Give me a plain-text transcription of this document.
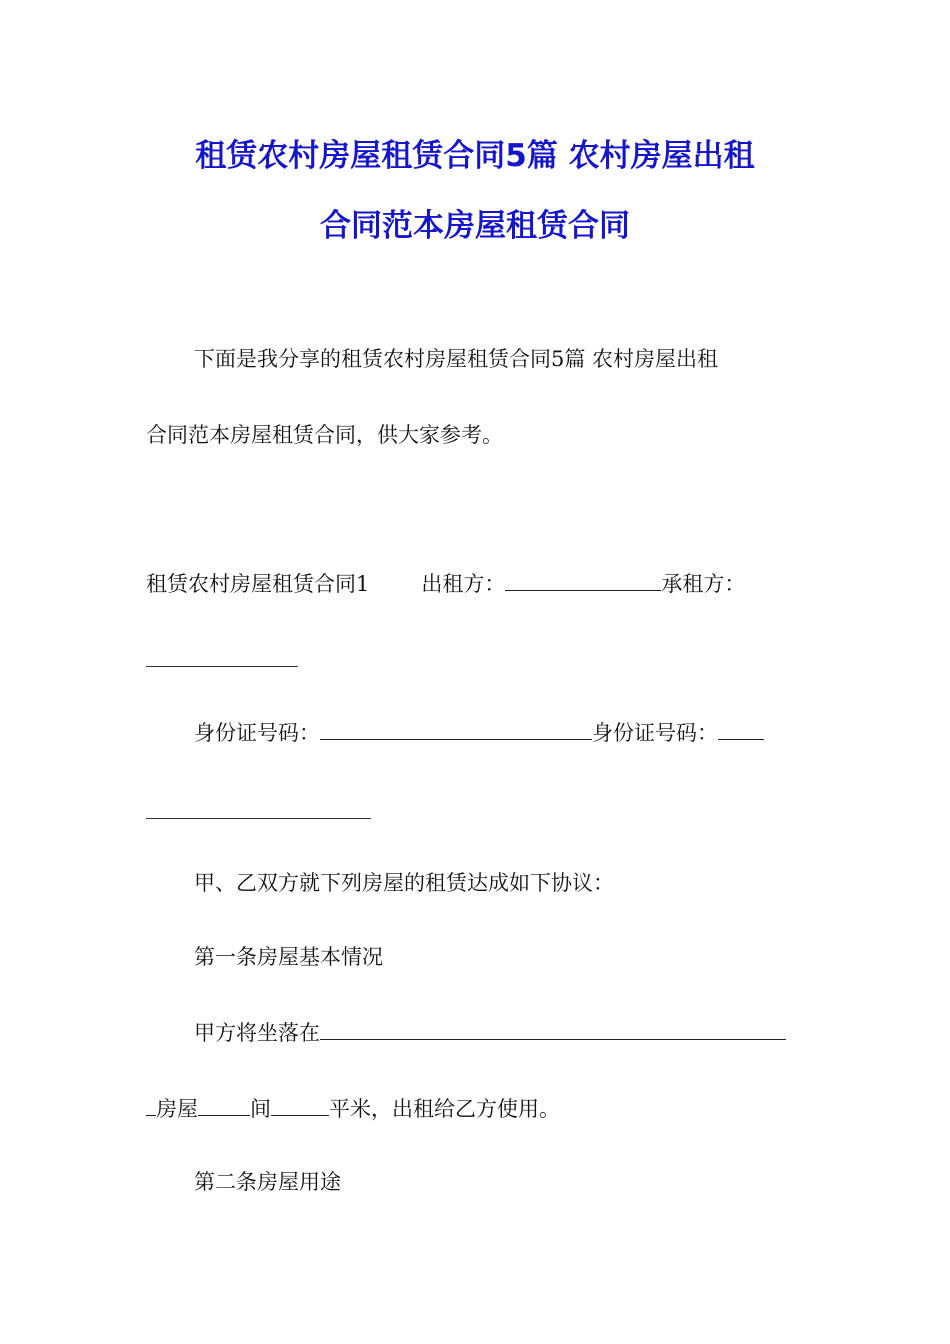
租赁农村房屋租赁合同5篇 农村房屋出租
合同范本房屋租赁合同
下面是我分享的租赁农村房屋租赁合同5篇 农村房屋出租
合同范本房屋租赁合同，供大家参考。
租赁农村房屋租赁合同1 出租方：	承租方：
身份证号码：	身份证号码：
甲、乙双方就下列房屋的租赁达成如下协议：
第一条房屋基本情况
甲方将坐落在
房屋 间	平米，出租给乙方使用。
第二条房屋用途
